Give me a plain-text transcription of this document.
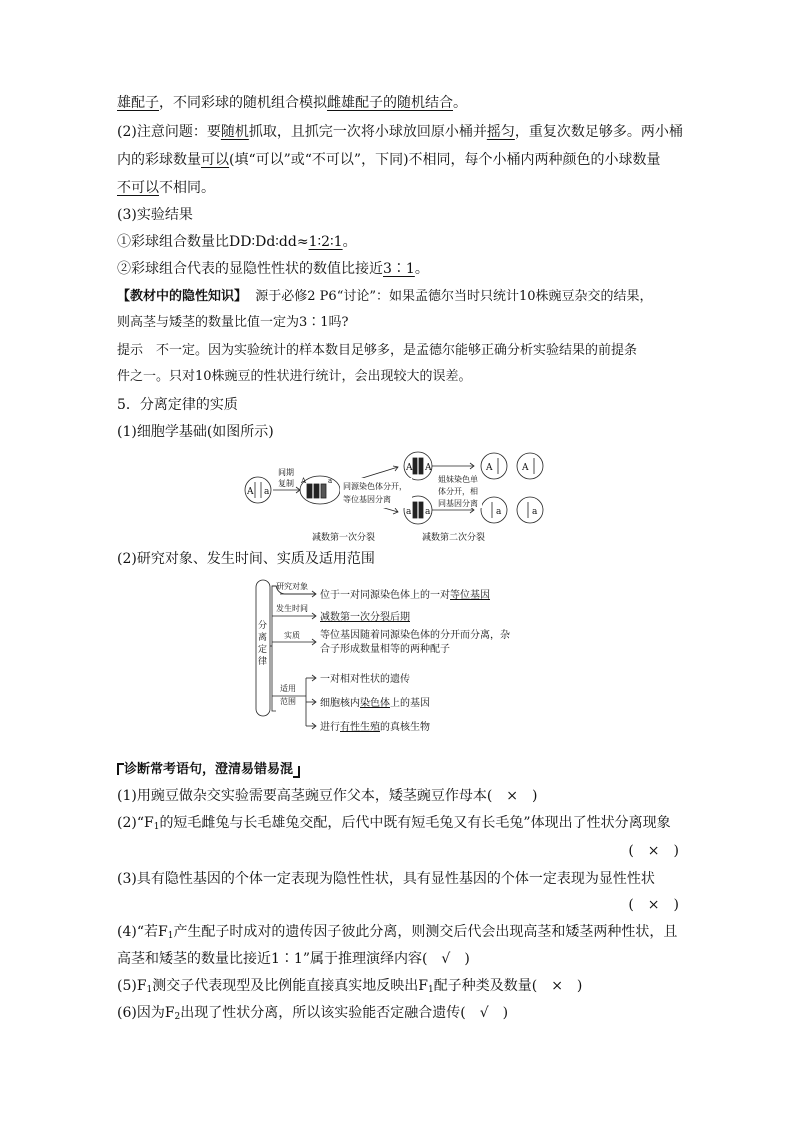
雄配子，不同彩球的随机组合模拟雌雄配子的随机结合。
(2)注意问题：要随机抓取，且抓完一次将小球放回原小桶并摇匀，重复次数足够多。两小桶
内的彩球数量可以(填“可以”或“不可以”，下同)不相同，每个小桶内两种颜色的小球数量
不可以不相同。
(3)实验结果
①彩球组合数量比DD∶Dd∶dd≈1∶2∶1。
②彩球组合代表的显隐性性状的数值比接近3∶1。
【教材中的隐性知识】 源于必修2 P6“讨论”：如果孟德尔当时只统计10株豌豆杂交的结果，
则高茎与矮茎的数量比值一定为3∶1吗?
提示　不一定。因为实验统计的样本数目足够多，是孟德尔能够正确分析实验结果的前提条
件之一。只对10株豌豆的性状进行统计，会出现较大的误差。
5．分离定律的实质
(1)细胞学基础(如图所示)
A a
间期
复制 A	a
同源染色体分开，
等位基因分离
A A
a a
姐妹染色单
体分开，相
同基因分离
A	A
a	a
减数第一次分裂	减数第二次分裂
(2)研究对象、发生时间、实质及适用范围
分
离
定
律
研究对象
位于一对同源染色体上的一对等位基因
发生时间
减数第一次分裂后期
实质 等位基因随着同源染色体的分开而分离，杂
合子形成数量相等的两种配子
适用
范围
一对相对性状的遗传
细胞核内染色体上的基因
进行有性生殖的真核生物
诊断常考语句，澄清易错易混
(1)用豌豆做杂交实验需要高茎豌豆作父本，矮茎豌豆作母本(　×　)
$(2)“F_1$的短毛雌兔与长毛雄兔交配，后代中既有短毛兔又有长毛兔”体现出了性状分离现象
(　×　)
(3)具有隐性基因的个体一定表现为隐性性状，具有显性基因的个体一定表现为显性性状
(　×　)
(4)“若$F_1$产生配子时成对的遗传因子彼此分离，则测交后代会出现高茎和矮茎两种性状，且
高茎和矮茎的数量比接近1∶1”属于推理演绎内容(　√　)
$(5)F_1$测交子代表现型及比例能直接真实地反映出$F_1$配子种类及数量(　×　)
(6)因为$F_2$出现了性状分离，所以该实验能否定融合遗传(　√　)
